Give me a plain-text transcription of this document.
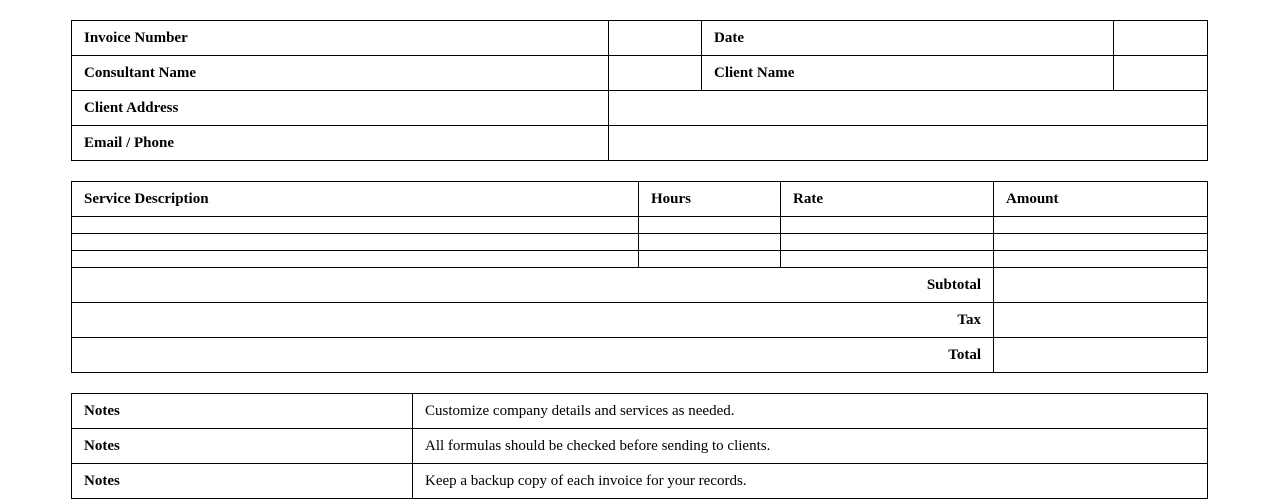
Invoice Number		Date	
Consultant Name		Client Name	
Client Address			
Email / Phone			
Service Description	Hours	Rate	Amount

Subtotal			
Tax			
Total			
Notes	Customize company details and services as needed.
Notes	All formulas should be checked before sending to clients.
Notes	Keep a backup copy of each invoice for your records.
